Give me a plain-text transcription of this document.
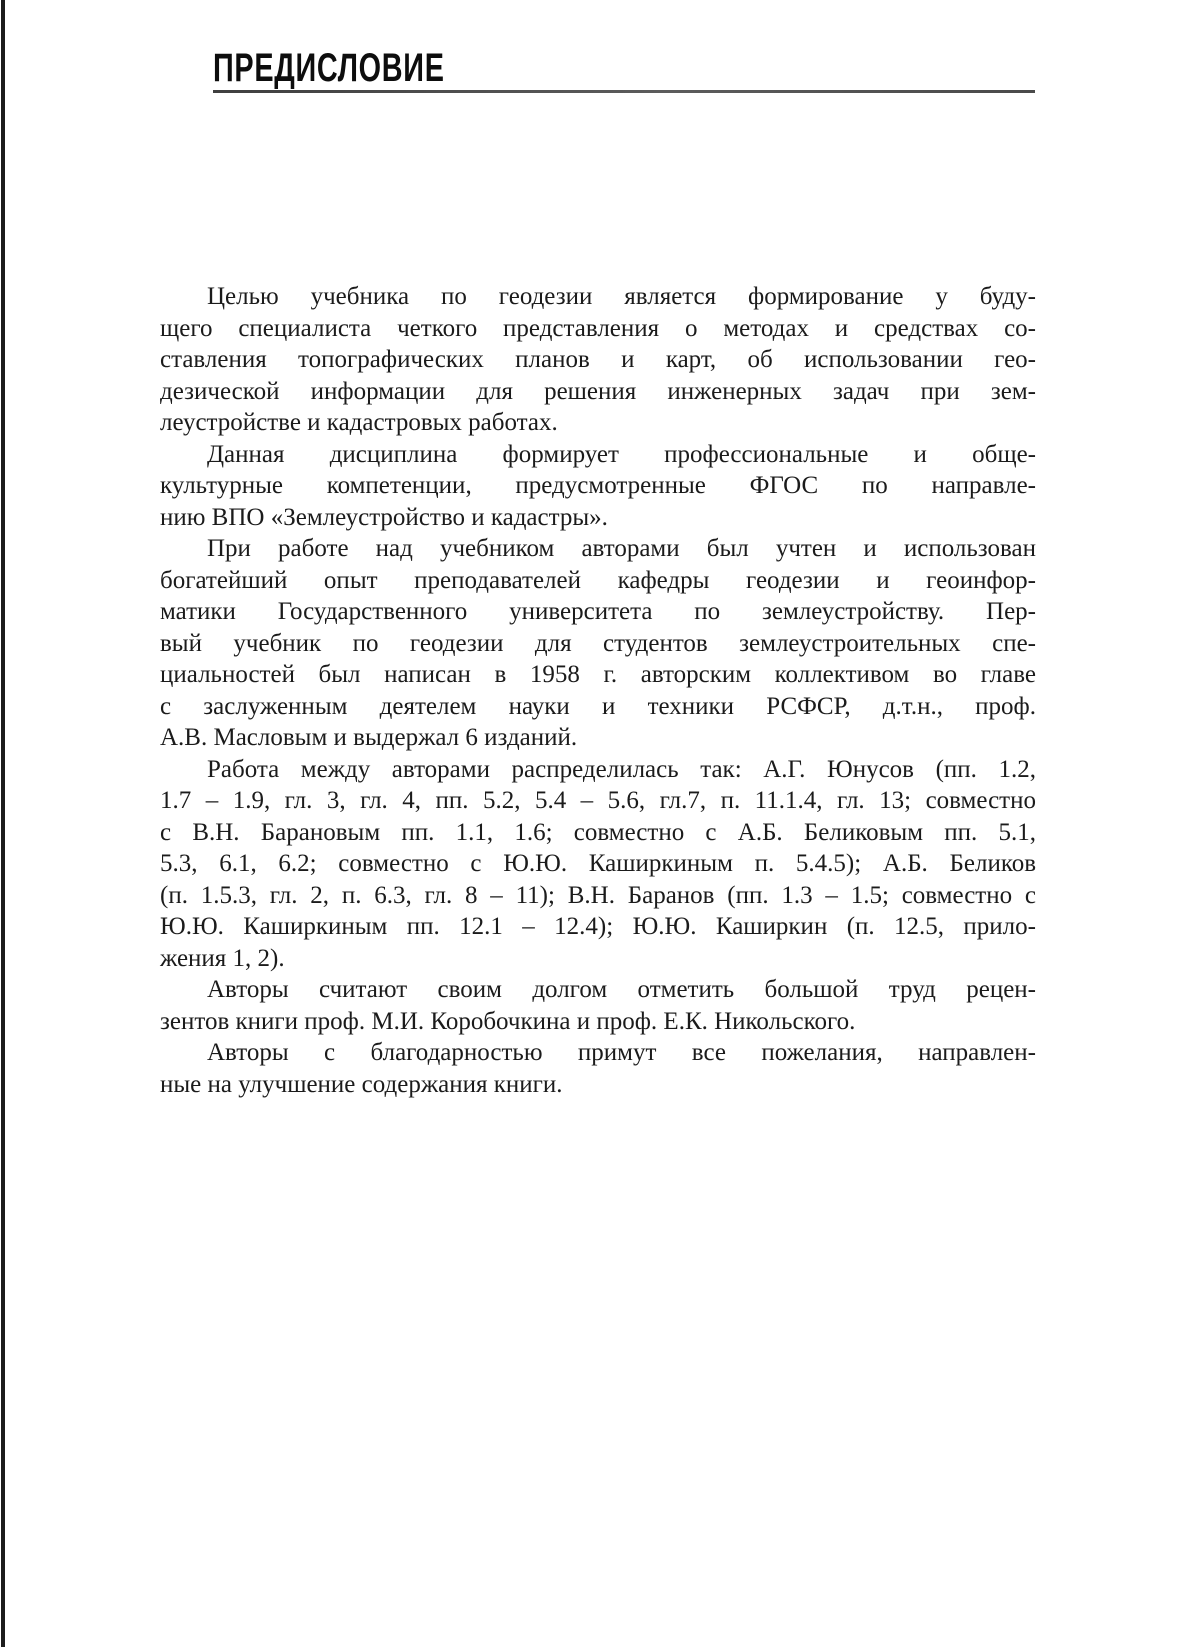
ПРЕДИСЛОВИЕ
Целью учебника по геодезии является формирование у буду-
щего специалиста четкого представления о методах и средствах со-
ставления топографических планов и карт, об использовании гео-
дезической информации для решения инженерных задач при зем-
леустройстве и кадастровых работах.
Данная дисциплина формирует профессиональные и обще-
культурные компетенции, предусмотренные ФГОС по направле-
нию ВПО «Землеустройство и кадастры».
При работе над учебником авторами был учтен и использован
богатейший опыт преподавателей кафедры геодезии и геоинфор-
матики Государственного университета по землеустройству. Пер-
вый учебник по геодезии для студентов землеустроительных спе-
циальностей был написан в 1958 г. авторским коллективом во главе
с заслуженным деятелем науки и техники РСФСР, д.т.н., проф.
А.В. Масловым и выдержал 6 изданий.
Работа между авторами распределилась так: А.Г. Юнусов (пп. 1.2,
1.7 – 1.9, гл. 3, гл. 4, пп. 5.2, 5.4 – 5.6, гл.7, п. 11.1.4, гл. 13; совместно
с В.Н. Барановым пп. 1.1, 1.6; совместно с А.Б. Беликовым пп. 5.1,
5.3, 6.1, 6.2; совместно с Ю.Ю. Каширкиным п. 5.4.5); А.Б. Беликов
(п. 1.5.3, гл. 2, п. 6.3, гл. 8 – 11); В.Н. Баранов (пп. 1.3 – 1.5; совместно с
Ю.Ю. Каширкиным пп. 12.1 – 12.4); Ю.Ю. Каширкин (п. 12.5, прило-
жения 1, 2).
Авторы считают своим долгом отметить большой труд рецен-
зентов книги проф. М.И. Коробочкина и проф. Е.К. Никольского.
Авторы с благодарностью примут все пожелания, направлен-
ные на улучшение содержания книги.
